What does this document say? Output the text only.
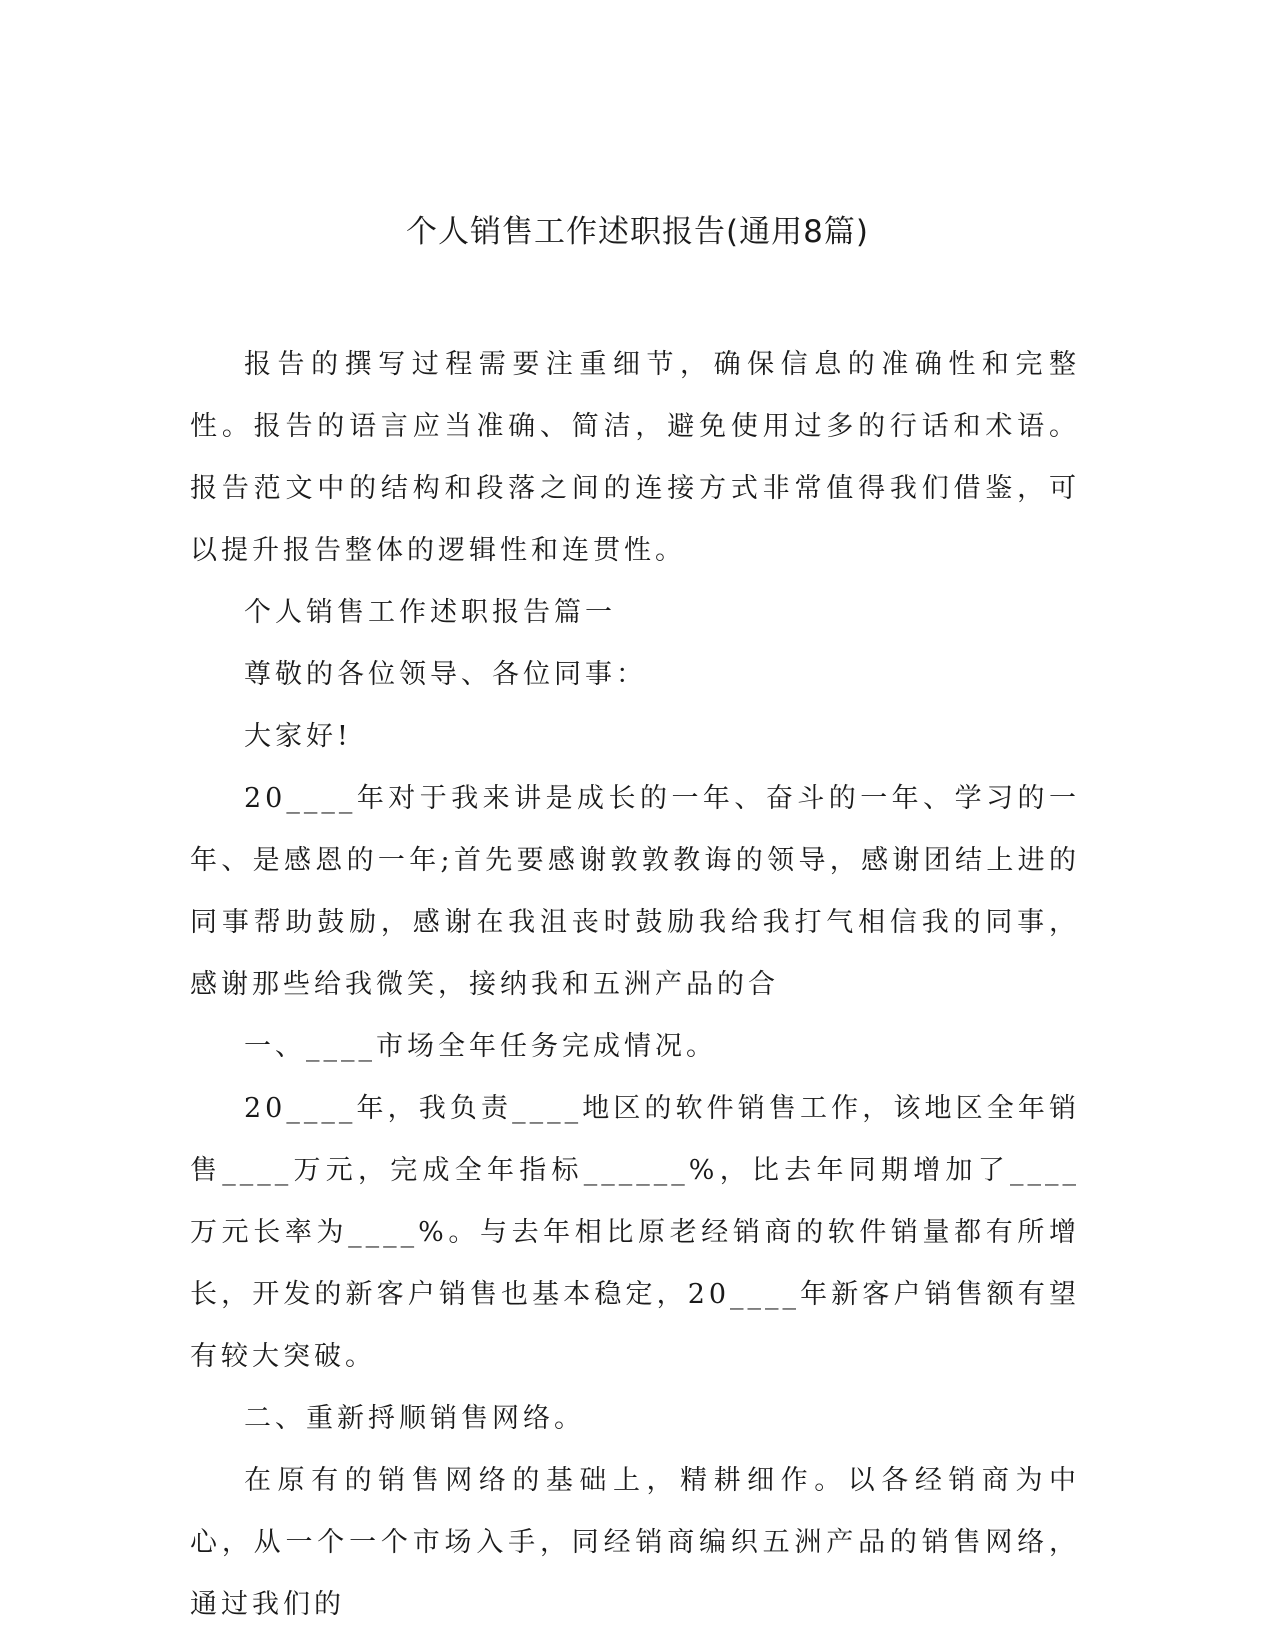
个人销售工作述职报告(通用8篇)

报告的撰写过程需要注重细节，确保信息的准确性和完整性。报告的语言应当准确、简洁，避免使用过多的行话和术语。报告范文中的结构和段落之间的连接方式非常值得我们借鉴，可以提升报告整体的逻辑性和连贯性。

个人销售工作述职报告篇一

尊敬的各位领导、各位同事：

大家好!

20____年对于我来讲是成长的一年、奋斗的一年、学习的一年、是感恩的一年;首先要感谢敦敦教诲的领导，感谢团结上进的同事帮助鼓励，感谢在我沮丧时鼓励我给我打气相信我的同事，感谢那些给我微笑，接纳我和五洲产品的合

一、____市场全年任务完成情况。

20____年，我负责____地区的软件销售工作，该地区全年销售____万元，完成全年指标______%，比去年同期增加了____万元长率为____%。与去年相比原老经销商的软件销量都有所增长，开发的新客户销售也基本稳定，20____年新客户销售额有望有较大突破。

二、重新捋顺销售网络。

在原有的销售网络的基础上，精耕细作。以各经销商为中心，从一个一个市场入手，同经销商编织五洲产品的销售网络，通过我们的
